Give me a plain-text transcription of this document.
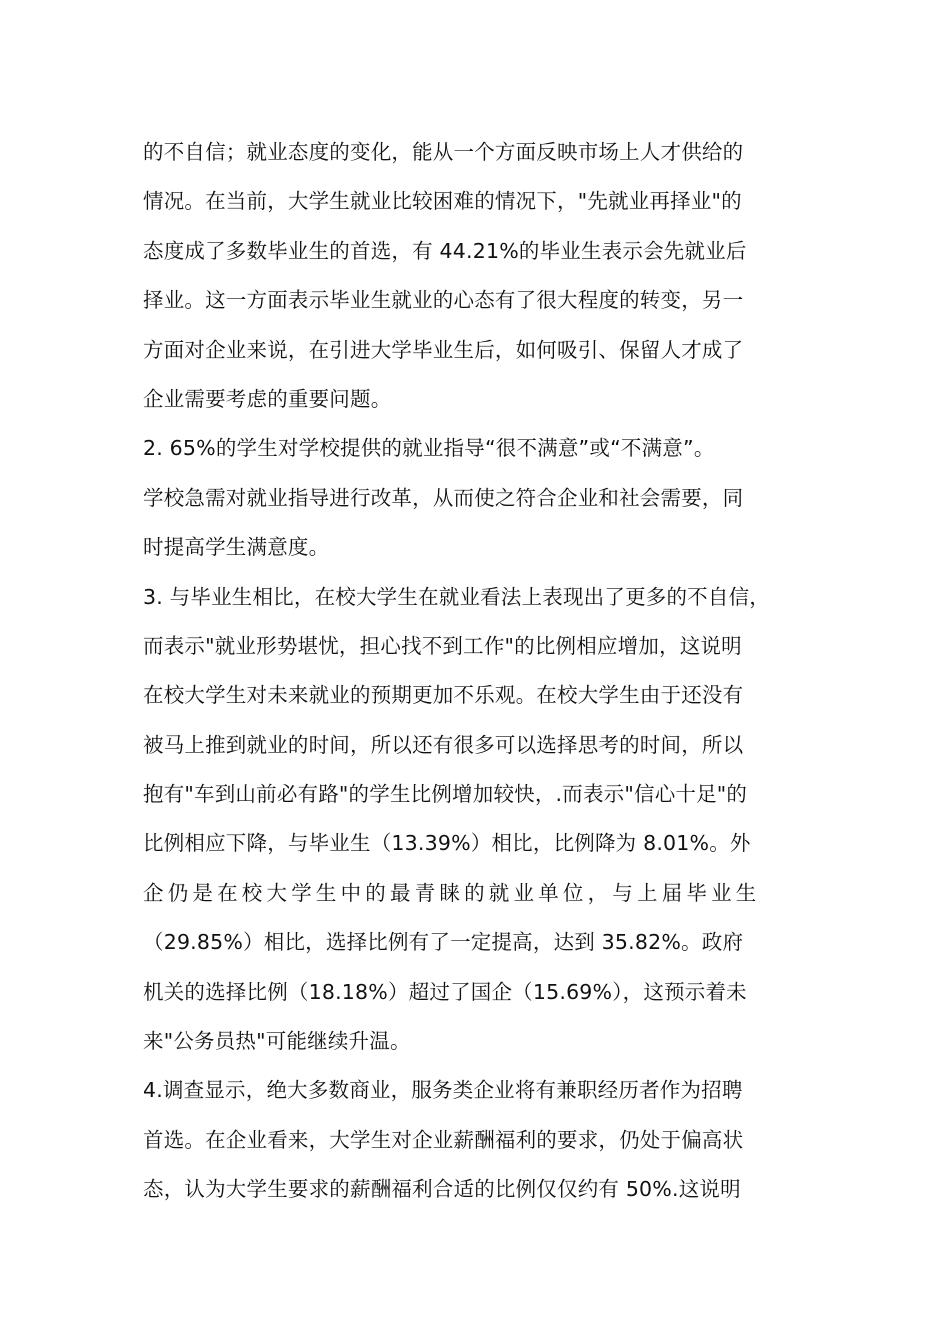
的不自信；就业态度的变化，能从一个方面反映市场上人才供给的
情况。在当前，大学生就业比较困难的情况下，"先就业再择业"的
态度成了多数毕业生的首选，有 44.21%的毕业生表示会先就业后
择业。这一方面表示毕业生就业的心态有了很大程度的转变，另一
方面对企业来说，在引进大学毕业生后，如何吸引、保留人才成了
企业需要考虑的重要问题。
2. 65%的学生对学校提供的就业指导“很不满意”或“不满意”。
学校急需对就业指导进行改革，从而使之符合企业和社会需要，同
时提高学生满意度。
3. 与毕业生相比，在校大学生在就业看法上表现出了更多的不自信，
而表示"就业形势堪忧，担心找不到工作"的比例相应增加，这说明
在校大学生对未来就业的预期更加不乐观。在校大学生由于还没有
被马上推到就业的时间，所以还有很多可以选择思考的时间，所以
抱有"车到山前必有路"的学生比例增加较快，.而表示"信心十足"的
比例相应下降，与毕业生（13.39%）相比，比例降为 8.01%。外
企仍是在校大学生中的最青睐的就业单位，与上届毕业生
（29.85%）相比，选择比例有了一定提高，达到 35.82%。政府
机关的选择比例（18.18%）超过了国企（15.69%），这预示着未
来"公务员热"可能继续升温。
4.调查显示，绝大多数商业，服务类企业将有兼职经历者作为招聘
首选。在企业看来，大学生对企业薪酬福利的要求，仍处于偏高状
态，认为大学生要求的薪酬福利合适的比例仅仅约有 50%.这说明
